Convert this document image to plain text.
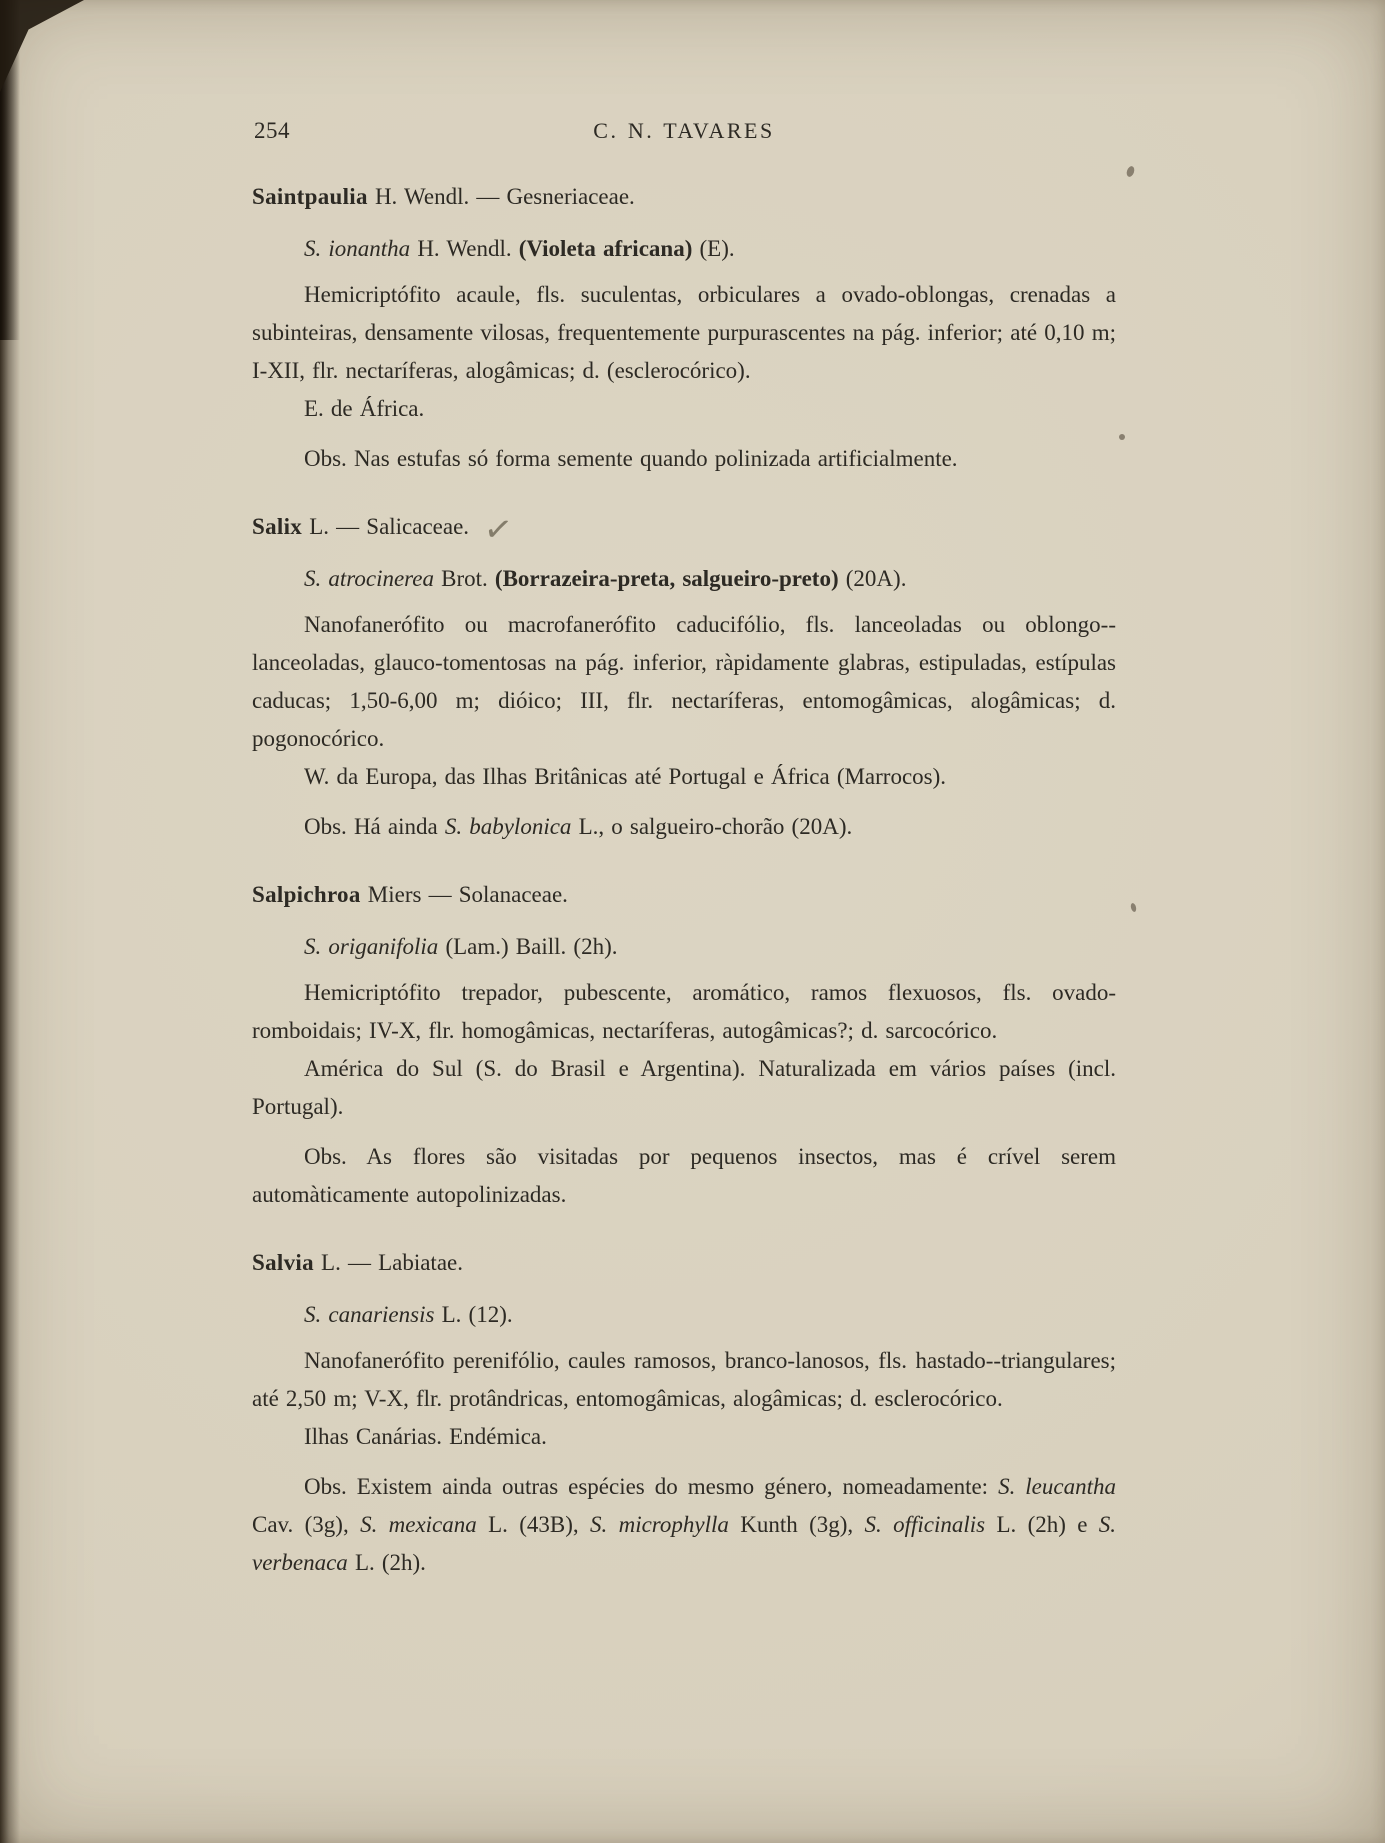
254	C. N. TAVARES

Saintpaulia H. Wendl. — Gesneriaceae.

S. ionantha H. Wendl. (Violeta africana) (E).

Hemicriptófito acaule, fls. suculentas, orbiculares a ovado-oblongas, crenadas a subinteiras, densamente vilosas, frequentemente purpurascentes na pág. inferior; até 0,10 m; I-XII, flr. nectaríferas, alogâmicas; d. (esclerocórico).

E. de África.

Obs. Nas estufas só forma semente quando polinizada artificialmente.

Salix L. — Salicaceae. ✓

S. atrocinerea Brot. (Borrazeira-preta, salgueiro-preto) (20A).

Nanofanerófito ou macrofanerófito caducifólio, fls. lanceoladas ou oblongo--lanceoladas, glauco-tomentosas na pág. inferior, ràpidamente glabras, estipuladas, estípulas caducas; 1,50-6,00 m; dióico; III, flr. nectaríferas, entomogâmicas, alogâmicas; d. pogonocórico.

W. da Europa, das Ilhas Britânicas até Portugal e África (Marrocos).

Obs. Há ainda S. babylonica L., o salgueiro-chorão (20A).

Salpichroa Miers — Solanaceae.

S. origanifolia (Lam.) Baill. (2h).

Hemicriptófito trepador, pubescente, aromático, ramos flexuosos, fls. ovado-romboidais; IV-X, flr. homogâmicas, nectaríferas, autogâmicas?; d. sarcocórico.

América do Sul (S. do Brasil e Argentina). Naturalizada em vários países (incl. Portugal).

Obs. As flores são visitadas por pequenos insectos, mas é crível serem automàticamente autopolinizadas.

Salvia L. — Labiatae.

S. canariensis L. (12).

Nanofanerófito perenifólio, caules ramosos, branco-lanosos, fls. hastado--triangulares; até 2,50 m; V-X, flr. protândricas, entomogâmicas, alogâmicas; d. esclerocórico.

Ilhas Canárias. Endémica.

Obs. Existem ainda outras espécies do mesmo género, nomeadamente: S. leucantha Cav. (3g), S. mexicana L. (43B), S. microphylla Kunth (3g), S. officinalis L. (2h) e S. verbenaca L. (2h).
